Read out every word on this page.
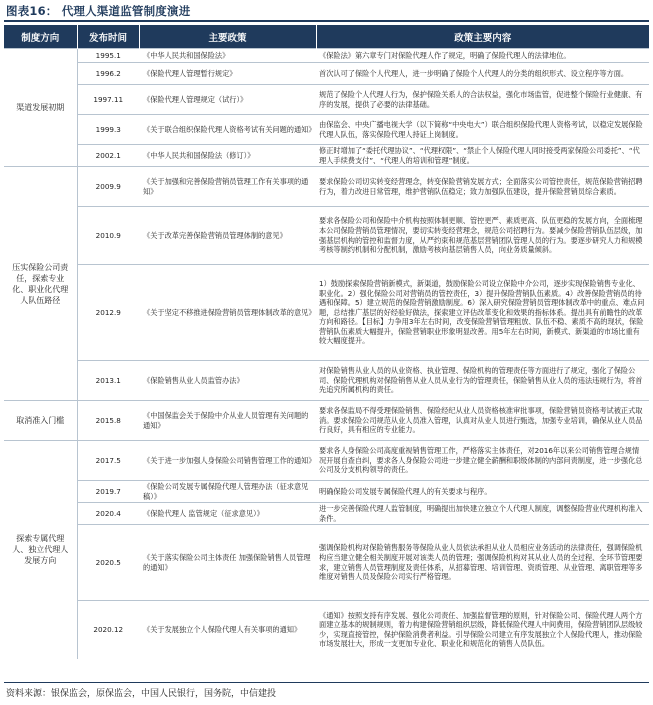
图表16： 代理人渠道监管制度演进
制度方向	发布时间	主要政策	政策主要内容
渠道发展初期	1995.1	《中华人民共和国保险法》	《保险法》第六章专门对保险代理人作了规定，明确了保险代理人的法律地位。
	1996.2	《保险代理人管理暂行规定》	首次认可了保险个人代理人，进一步明确了保险个人代理人的分类的组织形式、设立程序等方面。
	1997.11	《保险代理人管理规定（试行）》	规范了保险个人代理人行为，保护保险关系人的合法权益，强化市场监管，促进整个保险行业健康、有序的发展，提供了必要的法律基础。
	1999.3	《关于联合组织保险代理人资格考试有关问题的通知》	由保监会、中央广播电视大学（以下简称“中央电大”）联合组织保险代理人资格考试，以稳定发展保险代理人队伍，落实保险代理人持证上岗制度。
	2002.1	《中华人民共和国保险法（修订）》	修正时增加了“委托代理协议”、“代理权限”、“禁止个人保险代理人同时接受两家保险公司委托”、“代理人手续费支付”、“代理人的培训和管理”制度。
压实保险公司责任，探索专业化、职业化代理人队伍路径	2009.9	《关于加强和完善保险营销员管理工作有关事项的通知》	要求保险公司切实转变经营理念，转变保险营销发展方式；全面落实公司管控责任，规范保险营销招聘行为，着力改进日常管理，维护营销队伍稳定；致力加强队伍建设，提升保险营销员综合素质。
	2010.9	《关于改革完善保险营销员管理体制的意见》	要求各保险公司和保险中介机构按照体制更顺、管控更严、素质更高、队伍更稳的发展方向，全面梳理本公司保险营销员管理情况，要切实转变经营理念，规范公司招聘行为。要减少保险营销队伍层级，加强基层机构的管控和监督力度，从严约束和规范基层营销团队管理人员的行为。要逐步研究人力和规模考核等制约机制和分配机制，激励考核向基层销售人员，向业务质量倾斜。
	2012.9	《关于坚定不移推进保险营销员管理体制改革的意见》	1）鼓励探索保险营销新模式，新渠道，鼓励保险公司设立保险中介公司，逐步实现保险销售专业化、职业化。2）强化保险公司对营销员的管控责任，3）提升保险营销队伍素质。4）改善保险营销员的待遇和保障。5）建立规范的保险营销激励制度。6）深入研究保险营销员管理体制改革中的重点、难点问题，总结推广基层的好经验好做法，探索建立评估改革变化和效果的指标体系。提出具有前瞻性的改革方向和路径。【目标】力争用3年左右时间，改变保险营销管理粗放、队伍不稳、素质不高的现状，保险营销队伍素质大幅提升，保险营销职业形象明显改善。用5年左右时间，新模式、新渠道的市场比重有较大幅度提升。
	2013.1	《保险销售从业人员监管办法》	对保险销售从业人员的从业资格、执业管理、保险机构的管理责任等方面进行了规定，强化了保险公司、保险代理机构对保险销售从业人员从业行为的管理责任，保险销售从业人员的违法违规行为，将首先追究所属机构的责任。
取消准入门槛	2015.8	《中国保监会关于保险中介从业人员管理有关问题的通知》	要求各保监局不得受理保险销售、保险经纪从业人员资格核准审批事项，保险营销员资格考试被正式取消。要求保险公司规范从业人员准入管理，认真对从业人员进行甄选，加强专业培训，确保从业人员品行良好，具有相应的专业能力。
探索专属代理人、独立代理人发展方向	2017.5	《关于进一步加强人身保险公司销售管理工作的通知》	要求各人身保险公司高度重视销售管理工作，严格落实主体责任，对2016年以来公司销售管理合规情况开展自查自纠，要求各人身保险公司进一步建立健全薪酬和职级体制的内部问责制度，进一步强化总公司及分支机构领导的责任。
	2019.7	《保险公司发展专属保险代理人管理办法（征求意见稿）》	明确保险公司发展专属保险代理人的有关要求与程序。
	2020.4	《保险代理人 监管规定（征求意见）》	进一步完善保险代理人监管制度，明确提出加快建立独立个人代理人制度，调整保险营业代理机构准入条件。
	2020.5	《关于落实保险公司主体责任 加强保险销售人员管理的通知》	强调保险机构对保险销售服务等保险从业人员依法承担从业人员相应业务活动的法律责任，强调保险机构应当建立健全相关制度开展对该类人员的管理；强调保险机构对其从业人员的全过程、全环节管理要求，建立销售人员管理制度及责任体系，从招募管理、培训管理、资质管理、从业管理、离职管理等多维度对销售人员及保险公司实行严格管理。
	2020.12	《关于发展独立个人保险代理人有关事项的通知》	《通知》按照支持有序发展、强化公司责任、加强监督管理的原则，针对保险公司、保险代理人两个方面建立基本的规制规则，着力构建保险营销组织层级，降低保险代理人中间费用，保险营销团队层级较少，实现直接管控，保护保险消费者利益。引导保险公司建立有序发展独立个人保险代理人，推动保险市场发展壮大，形成一支更加专业化、职业化和规范化的销售人员队伍。
资料来源：银保监会，原保监会，中国人民银行，国务院，中信建投
